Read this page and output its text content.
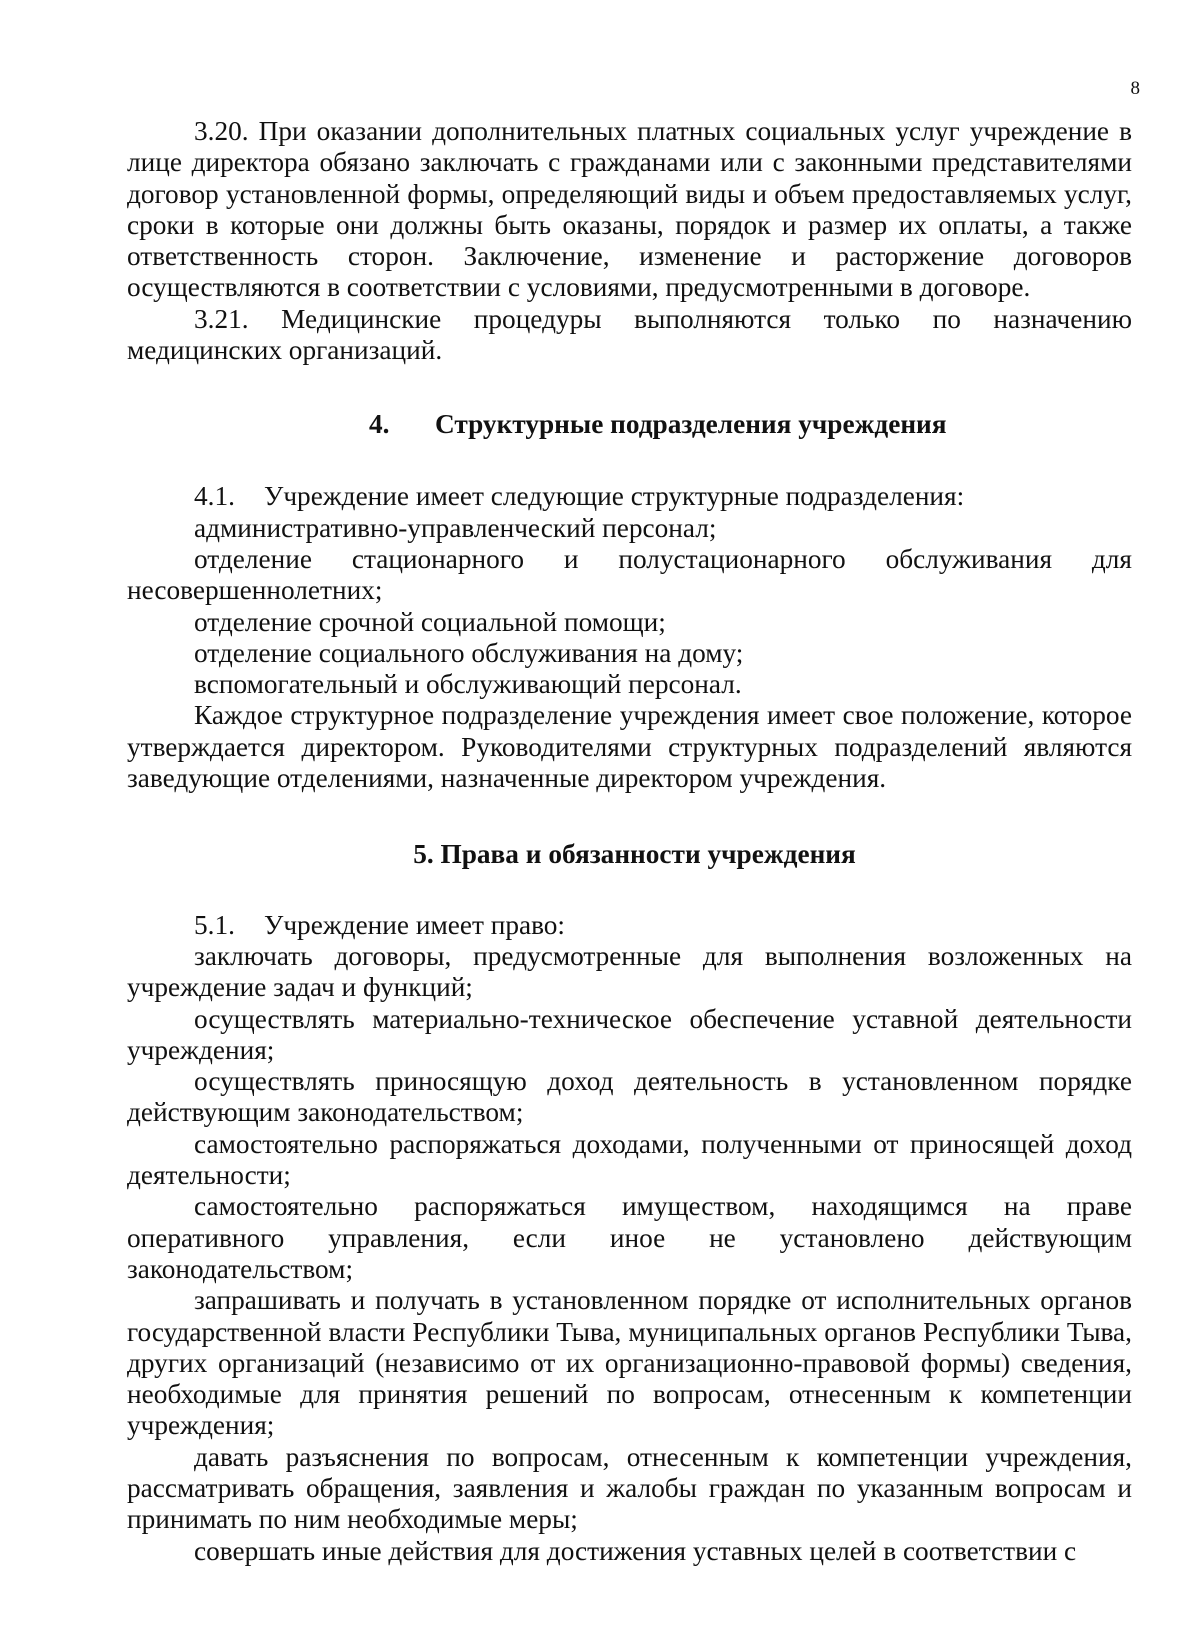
8

3.20. При оказании дополнительных платных социальных услуг учреждение в лице директора обязано заключать с гражданами или с законными представителями договор установленной формы, определяющий виды и объем предоставляемых услуг, сроки в которые они должны быть оказаны, порядок и размер их оплаты, а также ответственность сторон. Заключение, изменение и расторжение договоров осуществляются в соответствии с условиями, предусмотренными в договоре.

3.21. Медицинские процедуры выполняются только по назначению медицинских организаций.

4. Структурные подразделения учреждения

4.1. Учреждение имеет следующие структурные подразделения:

административно-управленческий персонал;

отделение стационарного и полустационарного обслуживания для несовершеннолетних;

отделение срочной социальной помощи;

отделение социального обслуживания на дому;

вспомогательный и обслуживающий персонал.

Каждое структурное подразделение учреждения имеет свое положение, которое утверждается директором. Руководителями структурных подразделений являются заведующие отделениями, назначенные директором учреждения.

5. Права и обязанности учреждения

5.1. Учреждение имеет право:

заключать договоры, предусмотренные для выполнения возложенных на учреждение задач и функций;

осуществлять материально-техническое обеспечение уставной деятельности учреждения;

осуществлять приносящую доход деятельность в установленном порядке действующим законодательством;

самостоятельно распоряжаться доходами, полученными от приносящей доход деятельности;

самостоятельно распоряжаться имуществом, находящимся на праве оперативного управления, если иное не установлено действующим законодательством;

запрашивать и получать в установленном порядке от исполнительных органов государственной власти Республики Тыва, муниципальных органов Республики Тыва, других организаций (независимо от их организационно-правовой формы) сведения, необходимые для принятия решений по вопросам, отнесенным к компетенции учреждения;

давать разъяснения по вопросам, отнесенным к компетенции учреждения, рассматривать обращения, заявления и жалобы граждан по указанным вопросам и принимать по ним необходимые меры;

совершать иные действия для достижения уставных целей в соответствии с
